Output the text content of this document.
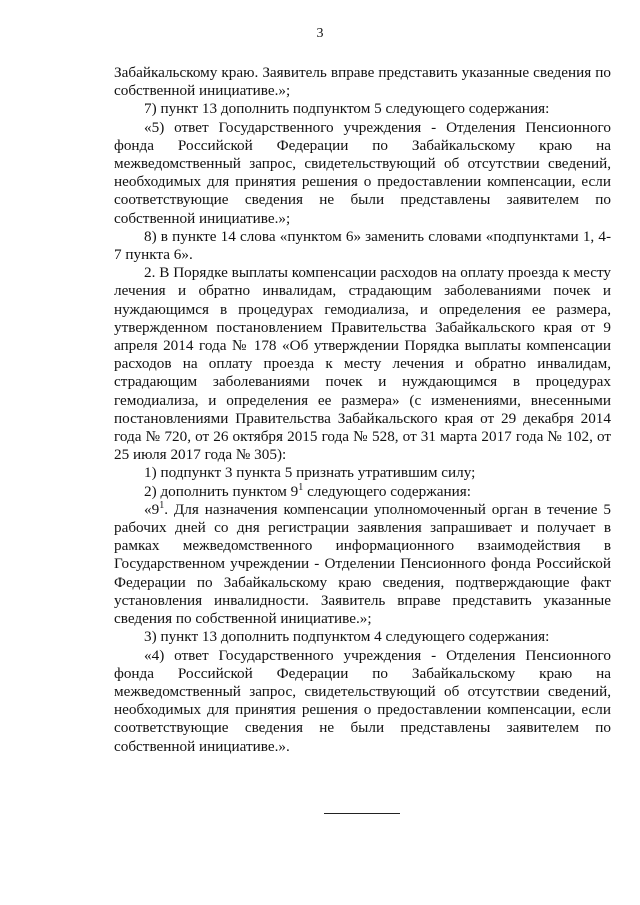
3

Забайкальскому краю. Заявитель вправе представить указанные сведения по собственной инициативе.»;

7) пункт 13 дополнить подпунктом 5 следующего содержания:

«5) ответ Государственного учреждения - Отделения Пенсионного фонда Российской Федерации по Забайкальскому краю на межведомственный запрос, свидетельствующий об отсутствии сведений, необходимых для принятия решения о предоставлении компенсации, если соответствующие сведения не были представлены заявителем по собственной инициативе.»;

8) в пункте 14 слова «пунктом 6» заменить словами «подпунктами 1, 4-7 пункта 6».

2. В Порядке выплаты компенсации расходов на оплату проезда к месту лечения и обратно инвалидам, страдающим заболеваниями почек и нуждающимся в процедурах гемодиализа, и определения ее размера, утвержденном постановлением Правительства Забайкальского края от 9 апреля 2014 года № 178 «Об утверждении Порядка выплаты компенсации расходов на оплату проезда к месту лечения и обратно инвалидам, страдающим заболеваниями почек и нуждающимся в процедурах гемодиализа, и определения ее размера» (с изменениями, внесенными постановлениями Правительства Забайкальского края от 29 декабря 2014 года № 720, от 26 октября 2015 года № 528, от 31 марта 2017 года № 102, от 25 июля 2017 года № 305):

1) подпункт 3 пункта 5 признать утратившим силу;

2) дополнить пунктом $9^1$ следующего содержания:

«$9^1$. Для назначения компенсации уполномоченный орган в течение 5 рабочих дней со дня регистрации заявления запрашивает и получает в рамках межведомственного информационного взаимодействия в Государственном учреждении - Отделении Пенсионного фонда Российской Федерации по Забайкальскому краю сведения, подтверждающие факт установления инвалидности. Заявитель вправе представить указанные сведения по собственной инициативе.»;

3) пункт 13 дополнить подпунктом 4 следующего содержания:

«4) ответ Государственного учреждения - Отделения Пенсионного фонда Российской Федерации по Забайкальскому краю на межведомственный запрос, свидетельствующий об отсутствии сведений, необходимых для принятия решения о предоставлении компенсации, если соответствующие сведения не были представлены заявителем по собственной инициативе.».
